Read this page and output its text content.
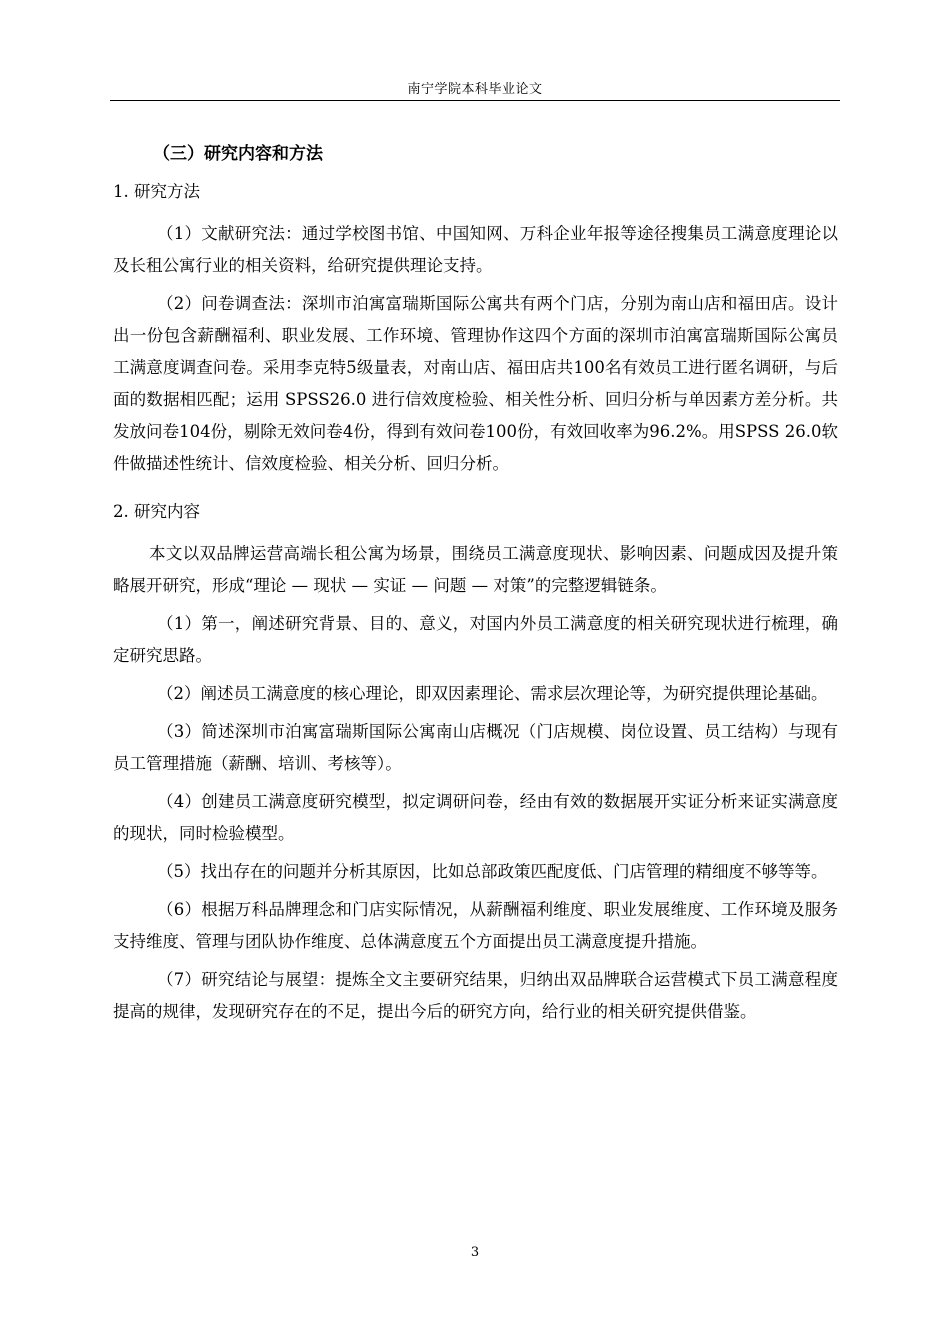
南宁学院本科毕业论文
（三）研究内容和方法
1. 研究方法

（1）文献研究法：通过学校图书馆、中国知网、万科企业年报等途径搜集员工满意度理论以及长租公寓行业的相关资料，给研究提供理论支持。

（2）问卷调查法：深圳市泊寓富瑞斯国际公寓共有两个门店，分别为南山店和福田店。设计出一份包含薪酬福利、职业发展、工作环境、管理协作这四个方面的深圳市泊寓富瑞斯国际公寓员工满意度调查问卷。采用李克特5级量表，对南山店、福田店共100名有效员工进行匿名调研，与后面的数据相匹配；运用 SPSS26.0 进行信效度检验、相关性分析、回归分析与单因素方差分析。共发放问卷104份，剔除无效问卷4份，得到有效问卷100份，有效回收率为96.2%。用SPSS 26.0软件做描述性统计、信效度检验、相关分析、回归分析。

2. 研究内容

本文以双品牌运营高端长租公寓为场景，围绕员工满意度现状、影响因素、问题成因及提升策略展开研究，形成“理论 — 现状 — 实证 — 问题 — 对策”的完整逻辑链条。

（1）第一，阐述研究背景、目的、意义，对国内外员工满意度的相关研究现状进行梳理，确定研究思路。

（2）阐述员工满意度的核心理论，即双因素理论、需求层次理论等，为研究提供理论基础。

（3）简述深圳市泊寓富瑞斯国际公寓南山店概况（门店规模、岗位设置、员工结构）与现有员工管理措施（薪酬、培训、考核等）。

（4）创建员工满意度研究模型，拟定调研问卷，经由有效的数据展开实证分析来证实满意度的现状，同时检验模型。

（5）找出存在的问题并分析其原因，比如总部政策匹配度低、门店管理的精细度不够等等。

（6）根据万科品牌理念和门店实际情况，从薪酬福利维度、职业发展维度、工作环境及服务支持维度、管理与团队协作维度、总体满意度五个方面提出员工满意度提升措施。

（7）研究结论与展望：提炼全文主要研究结果，归纳出双品牌联合运营模式下员工满意程度提高的规律，发现研究存在的不足，提出今后的研究方向，给行业的相关研究提供借鉴。

3
